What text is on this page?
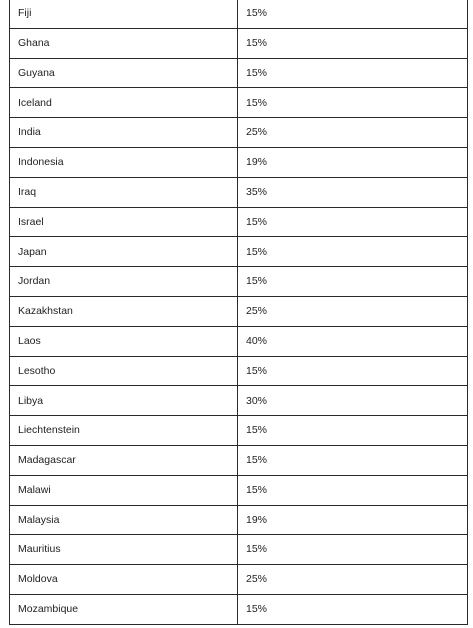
Fiji	15%
Ghana	15%
Guyana	15%
Iceland	15%
India	25%
Indonesia	19%
Iraq	35%
Israel	15%
Japan	15%
Jordan	15%
Kazakhstan	25%
Laos	40%
Lesotho	15%
Libya	30%
Liechtenstein	15%
Madagascar	15%
Malawi	15%
Malaysia	19%
Mauritius	15%
Moldova	25%
Mozambique	15%
